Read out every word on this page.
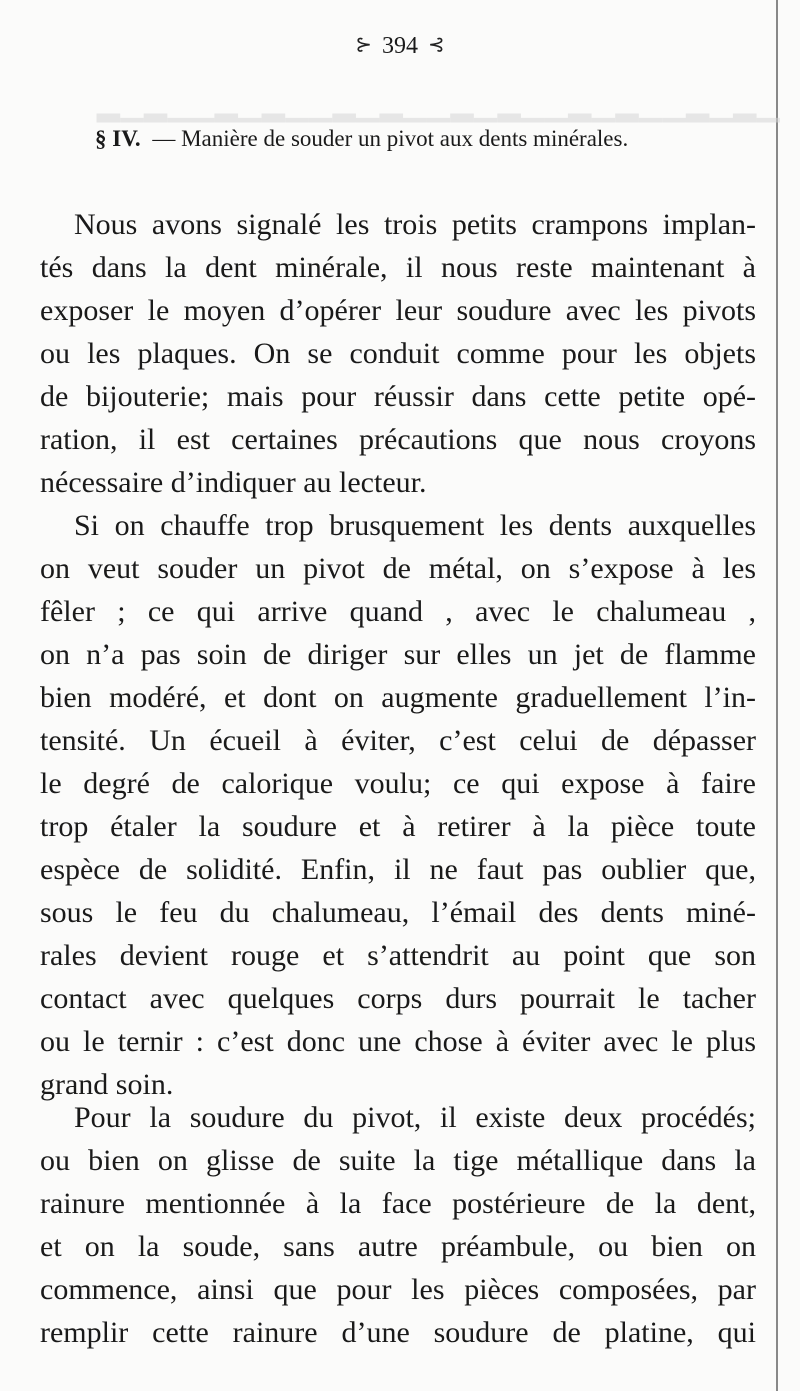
▁▂▁▂▁▁▂▁▂▁▁▂▁▂▁▁▂▁▂▁▁▂▁▂▁▁▂▁▂
⊱ 394 ⊰
§ IV. — Manière de souder un pivot aux dents minérales.
Nous avons signalé les trois petits crampons implan-
tés dans la dent minérale, il nous reste maintenant à
exposer le moyen d’opérer leur soudure avec les pivots
ou les plaques. On se conduit comme pour les objets
de bijouterie; mais pour réussir dans cette petite opé-
ration, il est certaines précautions que nous croyons
nécessaire d’indiquer au lecteur.
Si on chauffe trop brusquement les dents auxquelles
on veut souder un pivot de métal, on s’expose à les
fêler ; ce qui arrive quand , avec le chalumeau ,
on n’a pas soin de diriger sur elles un jet de flamme
bien modéré, et dont on augmente graduellement l’in-
tensité. Un écueil à éviter, c’est celui de dépasser
le degré de calorique voulu; ce qui expose à faire
trop étaler la soudure et à retirer à la pièce toute
espèce de solidité. Enfin, il ne faut pas oublier que,
sous le feu du chalumeau, l’émail des dents miné-
rales devient rouge et s’attendrit au point que son
contact avec quelques corps durs pourrait le tacher
ou le ternir : c’est donc une chose à éviter avec le plus
grand soin.
Pour la soudure du pivot, il existe deux procédés;
ou bien on glisse de suite la tige métallique dans la
rainure mentionnée à la face postérieure de la dent,
et on la soude, sans autre préambule, ou bien on
commence, ainsi que pour les pièces composées, par
remplir cette rainure d’une soudure de platine, qui
